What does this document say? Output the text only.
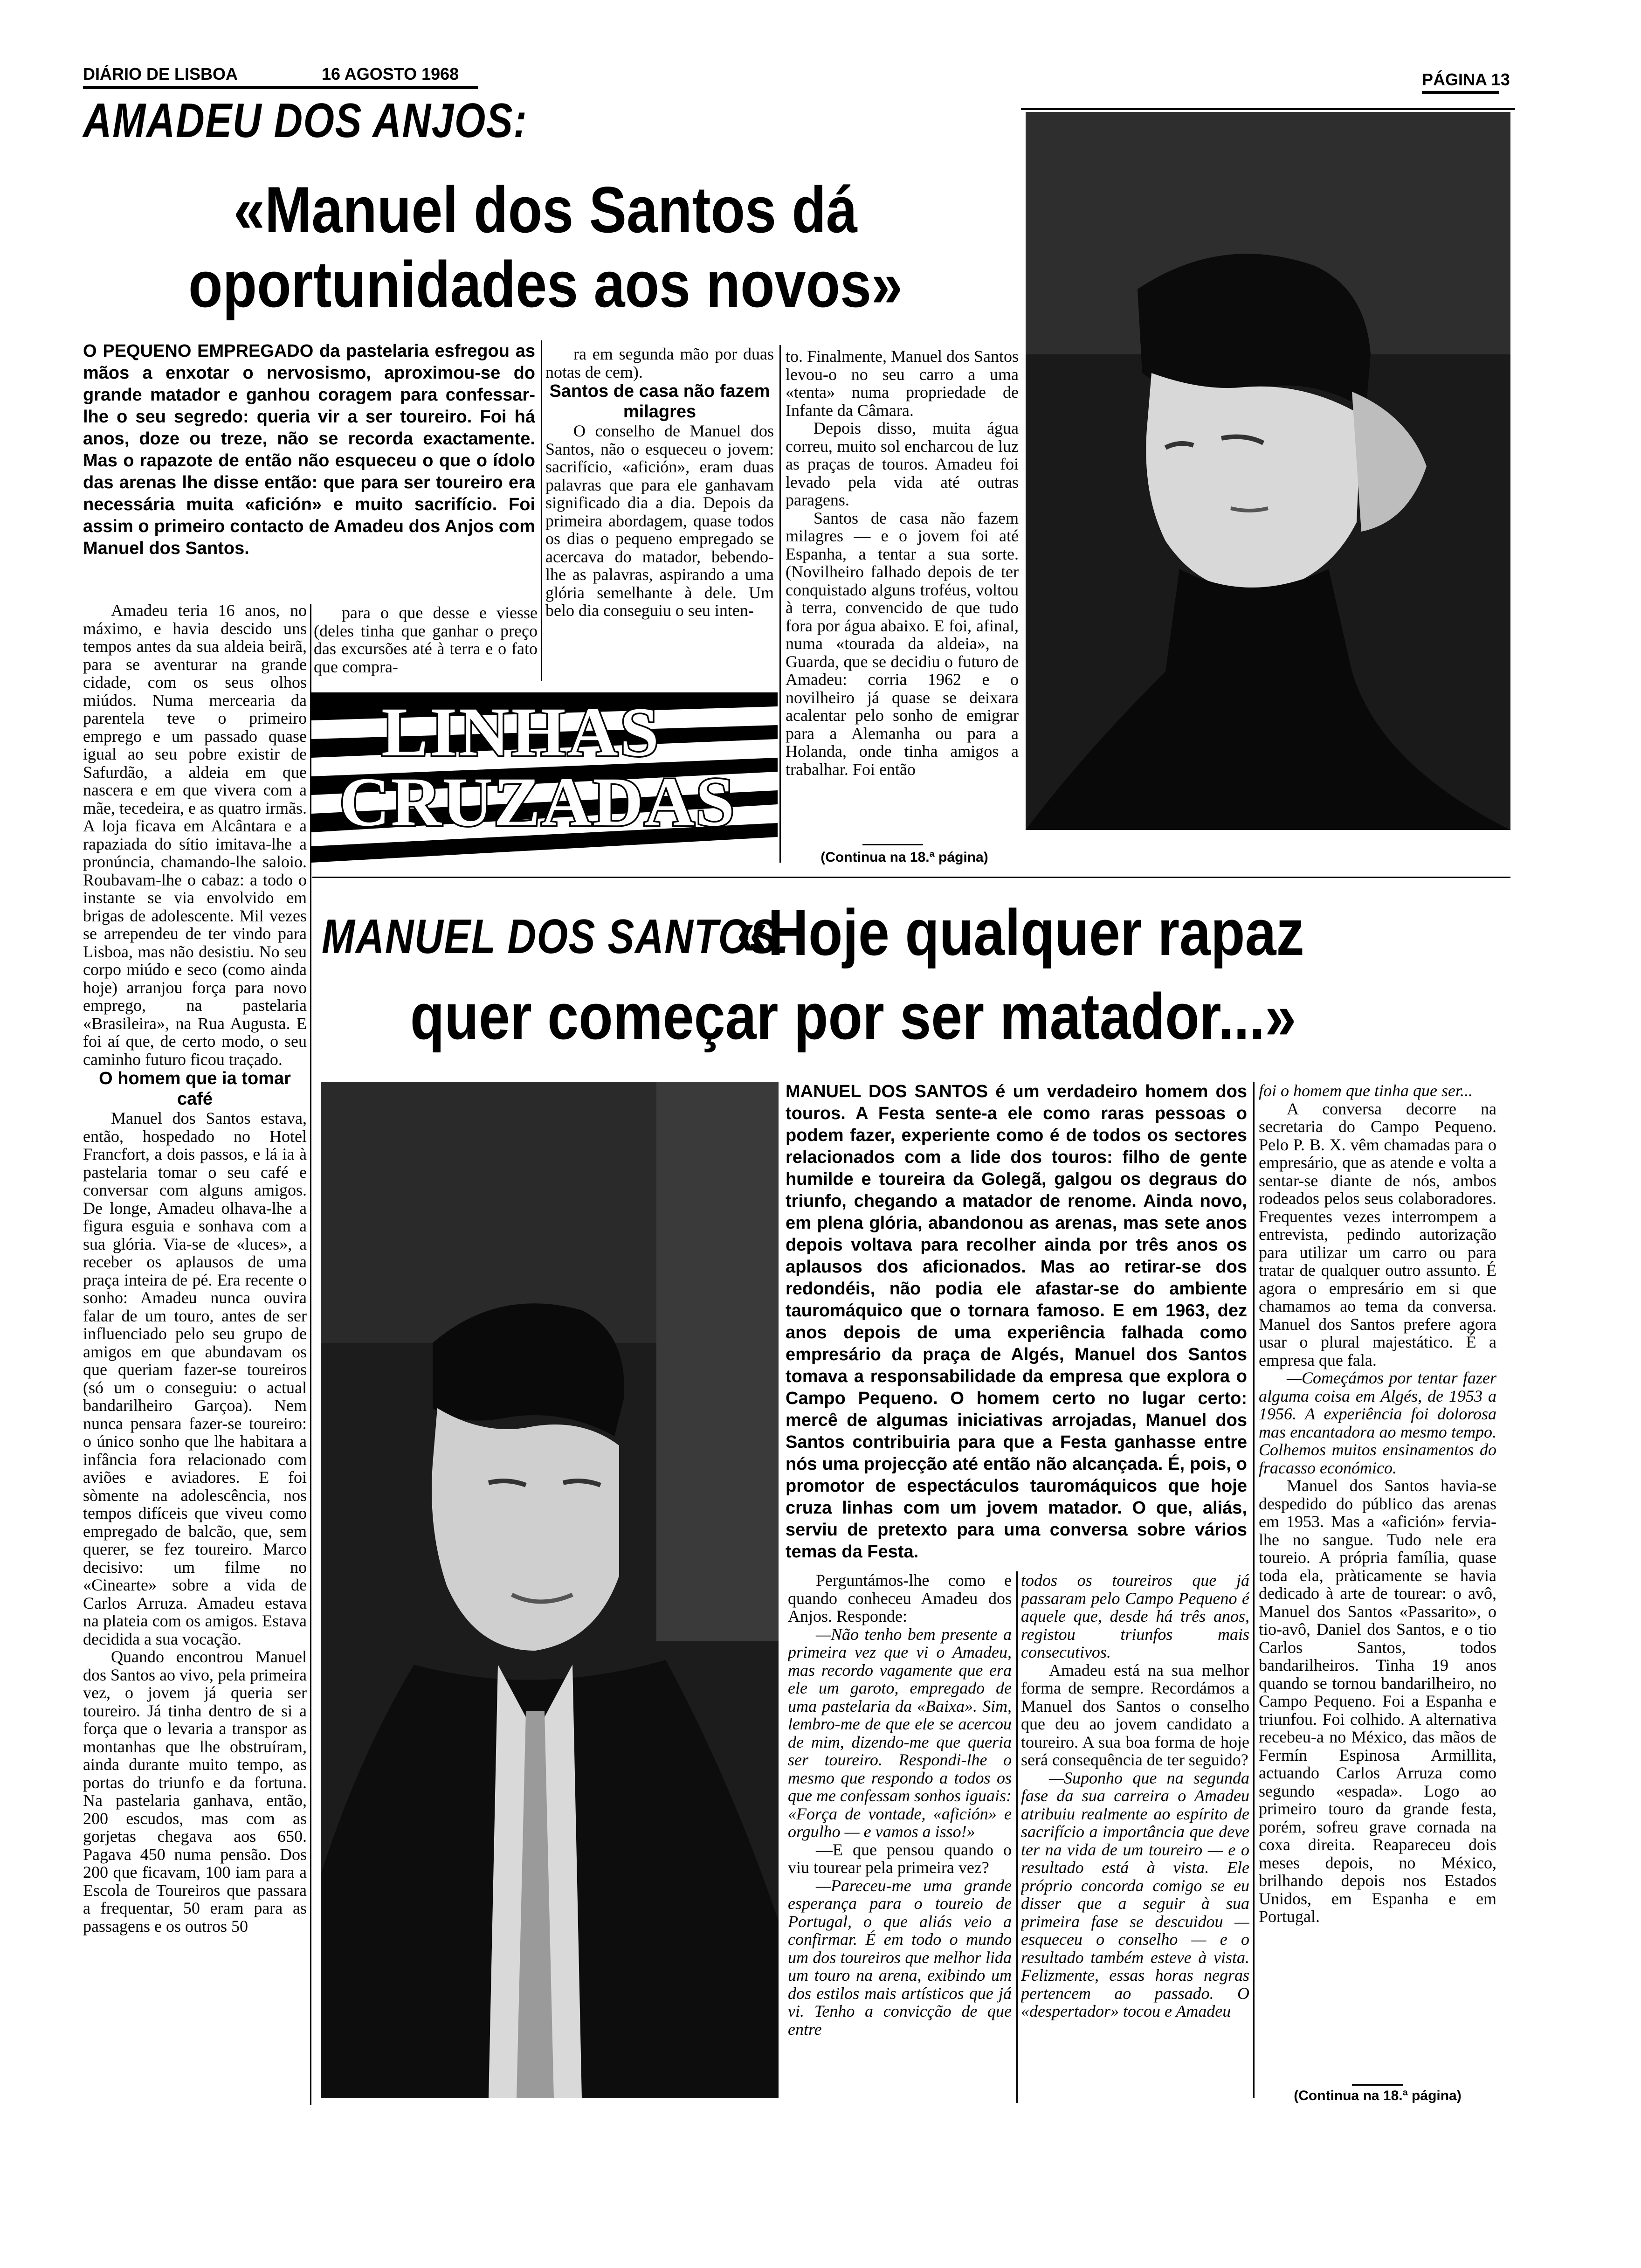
DIÁRIO DE LISBOA	16 AGOSTO 1968	PÁGINA 13
AMADEU DOS ANJOS:
«Manuel dos Santos dá
oportunidades aos novos»
O PEQUENO EMPREGADO da pastelaria esfregou as mãos a enxotar o nervosismo, aproximou-se do grande matador e ganhou coragem para confessar-lhe o seu segredo: queria vir a ser toureiro. Foi há anos, doze ou treze, não se recorda exactamente. Mas o rapazote de então não esqueceu o que o ídolo das arenas lhe disse então: que para ser toureiro era necessária muita «afición» e muito sacrifício. Foi assim o primeiro contacto de Amadeu dos Anjos com Manuel dos Santos.

Amadeu teria 16 anos, no máximo, e havia descido uns tempos antes da sua aldeia beirã, para se aventurar na grande cidade, com os seus olhos miúdos. Numa mercearia da parentela teve o primeiro emprego e um passado quase igual ao seu pobre existir de Safurdão, a aldeia em que nascera e em que vivera com a mãe, tecedeira, e as quatro irmãs. A loja ficava em Alcântara e a rapaziada do sítio imitava-lhe a pronúncia, chamando-lhe saloio. Roubavam-lhe o cabaz: a todo o instante se via envolvido em brigas de adolescente. Mil vezes se arrependeu de ter vindo para Lisboa, mas não desistiu. No seu corpo miúdo e seco (como ainda hoje) arranjou força para novo emprego, na pastelaria «Brasileira», na Rua Augusta. E foi aí que, de certo modo, o seu caminho futuro ficou traçado.

O homem que ia tomar café

Manuel dos Santos estava, então, hospedado no Hotel Francfort, a dois passos, e lá ia à pastelaria tomar o seu café e conversar com alguns amigos. De longe, Amadeu olhava-lhe a figura esguia e sonhava com a sua glória. Via-se de «luces», a receber os aplausos de uma praça inteira de pé. Era recente o sonho: Amadeu nunca ouvira falar de um touro, antes de ser influenciado pelo seu grupo de amigos em que abundavam os que queriam fazer-se toureiros (só um o conseguiu: o actual bandarilheiro Garçoa). Nem nunca pensara fazer-se toureiro: o único sonho que lhe habitara a infância fora relacionado com aviões e aviadores. E foi sòmente na adolescência, nos tempos difíceis que viveu como empregado de balcão, que, sem querer, se fez toureiro. Marco decisivo: um filme no «Cinearte» sobre a vida de Carlos Arruza. Amadeu estava na plateia com os amigos. Estava decidida a sua vocação.

Quando encontrou Manuel dos Santos ao vivo, pela primeira vez, o jovem já queria ser toureiro. Já tinha dentro de si a força que o levaria a transpor as montanhas que lhe obstruíram, ainda durante muito tempo, as portas do triunfo e da fortuna. Na pastelaria ganhava, então, 200 escudos, mas com as gorjetas chegava aos 650. Pagava 450 numa pensão. Dos 200 que ficavam, 100 iam para a Escola de Toureiros que passara a frequentar, 50 eram para as passagens e os outros 50

para o que desse e viesse (deles tinha que ganhar o preço das excursões até à terra e o fato que compra-

ra em segunda mão por duas notas de cem).

Santos de casa não fazem milagres

O conselho de Manuel dos Santos, não o esqueceu o jovem: sacrifício, «afición», eram duas palavras que para ele ganhavam significado dia a dia. Depois da primeira abordagem, quase todos os dias o pequeno empregado se acercava do matador, bebendo-lhe as palavras, aspirando a uma glória semelhante à dele. Um belo dia conseguiu o seu inten-

to. Finalmente, Manuel dos Santos levou-o no seu carro a uma «tenta» numa propriedade de Infante da Câmara.

Depois disso, muita água correu, muito sol encharcou de luz as praças de touros. Amadeu foi levado pela vida até outras paragens.

Santos de casa não fazem milagres — e o jovem foi até Espanha, a tentar a sua sorte. (Novilheiro falhado depois de ter conquistado alguns troféus, voltou à terra, convencido de que tudo fora por água abaixo. E foi, afinal, numa «tourada da aldeia», na Guarda, que se decidiu o futuro de Amadeu: corria 1962 e o novilheiro já quase se deixara acalentar pelo sonho de emigrar para a Alemanha ou para a Holanda, onde tinha amigos a trabalhar. Foi então

(Continua na 18.ª página)
LINHAS
CRUZADAS
MANUEL DOS SANTOS:
«Hoje qualquer rapaz
quer começar por ser matador...»
MANUEL DOS SANTOS é um verdadeiro homem dos touros. A Festa sente-a ele como raras pessoas o podem fazer, experiente como é de todos os sectores relacionados com a lide dos touros: filho de gente humilde e toureira da Golegã, galgou os degraus do triunfo, chegando a matador de renome. Ainda novo, em plena glória, abandonou as arenas, mas sete anos depois voltava para recolher ainda por três anos os aplausos dos aficionados. Mas ao retirar-se dos redondéis, não podia ele afastar-se do ambiente tauromáquico que o tornara famoso. E em 1963, dez anos depois de uma experiência falhada como empresário da praça de Algés, Manuel dos Santos tomava a responsabilidade da empresa que explora o Campo Pequeno. O homem certo no lugar certo: mercê de algumas iniciativas arrojadas, Manuel dos Santos contribuiria para que a Festa ganhasse entre nós uma projecção até então não alcançada. É, pois, o promotor de espectáculos tauromáquicos que hoje cruza linhas com um jovem matador. O que, aliás, serviu de pretexto para uma conversa sobre vários temas da Festa.

Perguntámos-lhe como e quando conheceu Amadeu dos Anjos. Responde:

—Não tenho bem presente a primeira vez que vi o Amadeu, mas recordo vagamente que era ele um garoto, empregado de uma pastelaria da «Baixa». Sim, lembro-me de que ele se acercou de mim, dizendo-me que queria ser toureiro. Respondi-lhe o mesmo que respondo a todos os que me confessam sonhos iguais: «Força de vontade, «afición» e orgulho — e vamos a isso!»

—E que pensou quando o viu tourear pela primeira vez?

—Pareceu-me uma grande esperança para o toureio de Portugal, o que aliás veio a confirmar. É em todo o mundo um dos toureiros que melhor lida um touro na arena, exibindo um dos estilos mais artísticos que já vi. Tenho a convicção de que entre

todos os toureiros que já passaram pelo Campo Pequeno é aquele que, desde há três anos, registou triunfos mais consecutivos.

Amadeu está na sua melhor forma de sempre. Recordámos a Manuel dos Santos o conselho que deu ao jovem candidato a toureiro. A sua boa forma de hoje será consequência de ter seguido?

—Suponho que na segunda fase da sua carreira o Amadeu atribuiu realmente ao espírito de sacrifício a importância que deve ter na vida de um toureiro — e o resultado está à vista. Ele próprio concorda comigo se eu disser que a seguir à sua primeira fase se descuidou — esqueceu o conselho — e o resultado também esteve à vista. Felizmente, essas horas negras pertencem ao passado. O «despertador» tocou e Amadeu

foi o homem que tinha que ser...

A conversa decorre na secretaria do Campo Pequeno. Pelo P. B. X. vêm chamadas para o empresário, que as atende e volta a sentar-se diante de nós, ambos rodeados pelos seus colaboradores. Frequentes vezes interrompem a entrevista, pedindo autorização para utilizar um carro ou para tratar de qualquer outro assunto. É agora o empresário em si que chamamos ao tema da conversa. Manuel dos Santos prefere agora usar o plural majestático. É a empresa que fala.

—Começámos por tentar fazer alguma coisa em Algés, de 1953 a 1956. A experiência foi dolorosa mas encantadora ao mesmo tempo. Colhemos muitos ensinamentos do fracasso económico.

Manuel dos Santos havia-se despedido do público das arenas em 1953. Mas a «afición» fervia-lhe no sangue. Tudo nele era toureio. A própria família, quase toda ela, pràticamente se havia dedicado à arte de tourear: o avô, Manuel dos Santos «Passarito», o tio-avô, Daniel dos Santos, e o tio Carlos Santos, todos bandarilheiros. Tinha 19 anos quando se tornou bandarilheiro, no Campo Pequeno. Foi a Espanha e triunfou. Foi colhido. A alternativa recebeu-a no México, das mãos de Fermín Espinosa Armillita, actuando Carlos Arruza como segundo «espada». Logo ao primeiro touro da grande festa, porém, sofreu grave cornada na coxa direita. Reapareceu dois meses depois, no México, brilhando depois nos Estados Unidos, em Espanha e em Portugal.

(Continua na 18.ª página)
